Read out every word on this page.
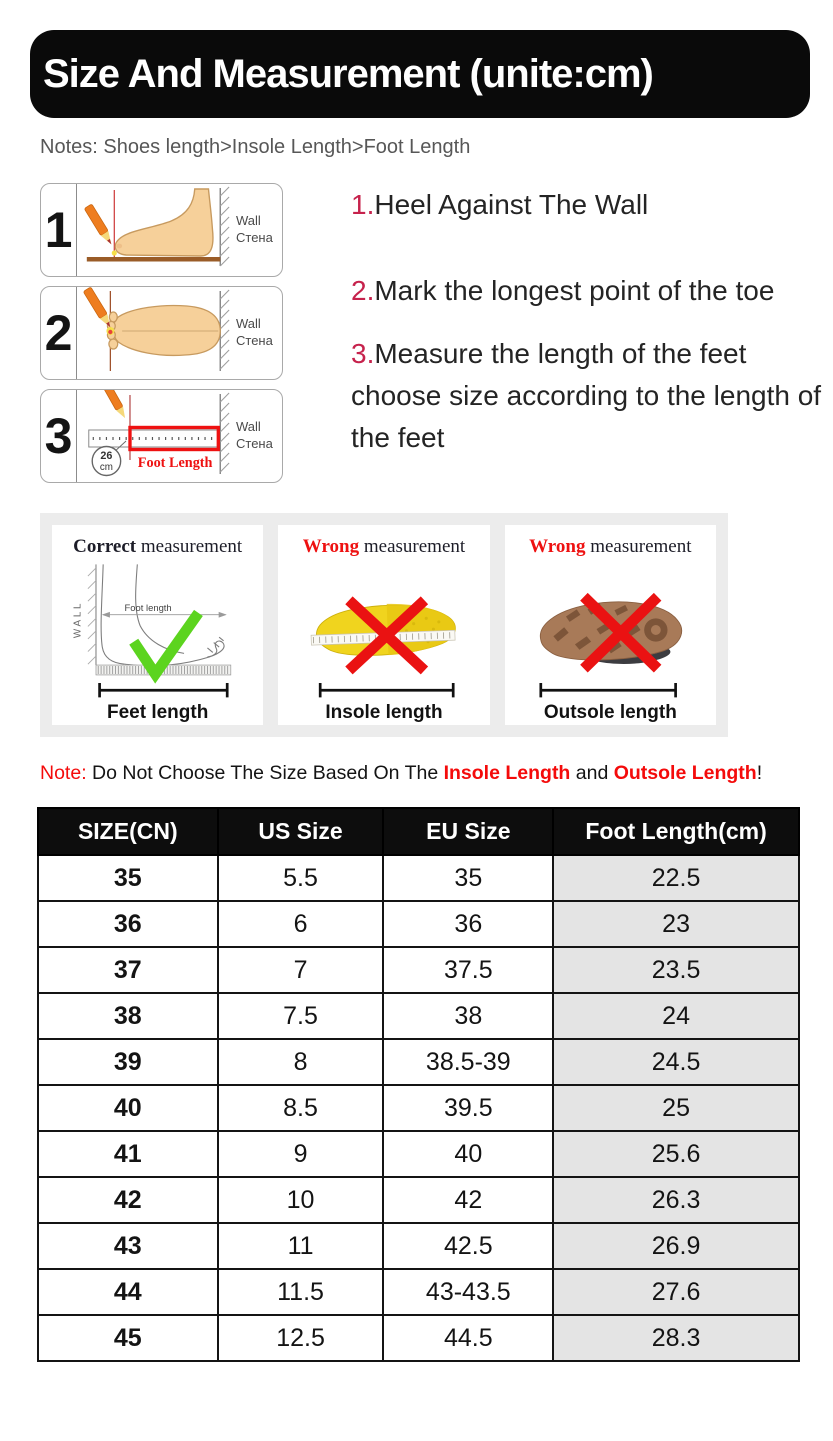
Size And Measurement (unite:cm)
Notes: Shoes length>Insole Length>Foot Length
1	Wall
Стена
2	Wall
Стена
3	26
cm Foot Length
Wall
Стена
1.Heel Against The Wall
2.Mark the longest point of the toe
3.Measure the length of the feet choose size according to the length of the feet
Correct measurement
WALL	Foot length
Feet length
Wrong measurement
Insole length
Wrong measurement
Outsole length
Note: Do Not Choose The Size Based On The Insole Length and Outsole Length!
SIZE(CN)	US Size	EU Size	Foot Length(cm)
35	5.5	35	22.5
36	6	36	23
37	7	37.5	23.5
38	7.5	38	24
39	8	38.5-39	24.5
40	8.5	39.5	25
41	9	40	25.6
42	10	42	26.3
43	11	42.5	26.9
44	11.5	43-43.5	27.6
45	12.5	44.5	28.3
